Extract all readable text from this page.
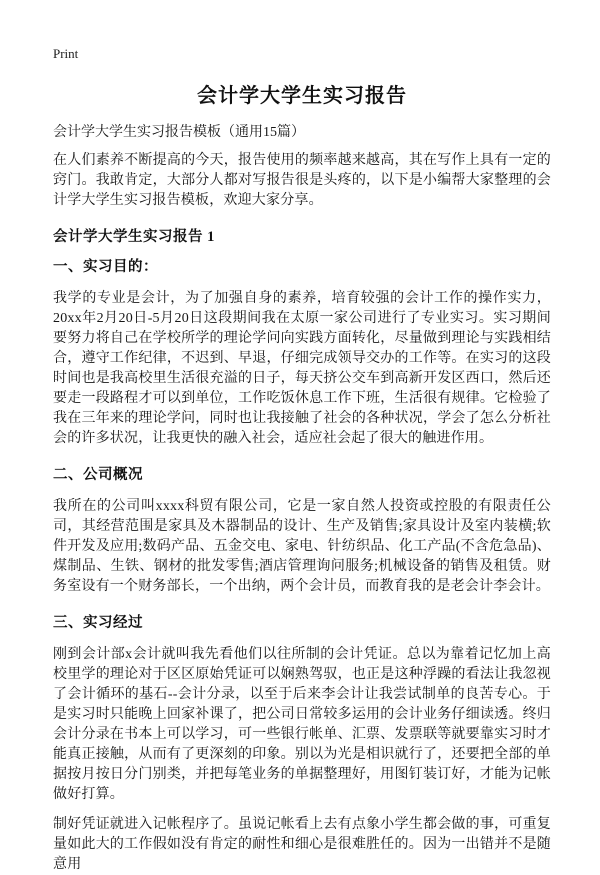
Print

会计学大学生实习报告

会计学大学生实习报告模板（通用15篇）

在人们素养不断提高的今天，报告使用的频率越来越高，其在写作上具有一定的窍门。我敢肯定，大部分人都对写报告很是头疼的，以下是小编帮大家整理的会计学大学生实习报告模板，欢迎大家分享。

会计学大学生实习报告 1
一、实习目的：

我学的专业是会计，为了加强自身的素养，培育较强的会计工作的操作实力，20xx年2月20日-5月20日这段期间我在太原一家公司进行了专业实习。实习期间要努力将自己在学校所学的理论学问向实践方面转化，尽量做到理论与实践相结合，遵守工作纪律，不迟到、早退，仔细完成领导交办的工作等。在实习的这段时间也是我高校里生活很充溢的日子，每天挤公交车到高新开发区西口，然后还要走一段路程才可以到单位，工作吃饭休息工作下班，生活很有规律。它检验了我在三年来的理论学问，同时也让我接触了社会的各种状况，学会了怎么分析社会的许多状况，让我更快的融入社会，适应社会起了很大的触进作用。

二、公司概况

我所在的公司叫xxxx科贸有限公司，它是一家自然人投资或控股的有限责任公司，其经营范围是家具及木器制品的设计、生产及销售;家具设计及室内装横;软件开发及应用;数码产品、五金交电、家电、针纺织品、化工产品(不含危急品)、煤制品、生铁、钢材的批发零售;酒店管理询问服务;机械设备的销售及租赁。财务室设有一个财务部长，一个出纳，两个会计员，而教育我的是老会计李会计。

三、实习经过

刚到会计部x会计就叫我先看他们以往所制的会计凭证。总以为靠着记忆加上高校里学的理论对于区区原始凭证可以娴熟驾驭，也正是这种浮躁的看法让我忽视了会计循环的基石--会计分录，以至于后来李会计让我尝试制单的良苦专心。于是实习时只能晚上回家补课了，把公司日常较多运用的会计业务仔细读透。终归会计分录在书本上可以学习，可一些银行帐单、汇票、发票联等就要靠实习时才能真正接触，从而有了更深刻的印象。别以为光是相识就行了，还要把全部的单据按月按日分门别类，并把每笔业务的单据整理好，用图钉装订好，才能为记帐做好打算。

制好凭证就进入记帐程序了。虽说记帐看上去有点象小学生都会做的事，可重复量如此大的工作假如没有肯定的耐性和细心是很难胜任的。因为一出错并不是随意用
